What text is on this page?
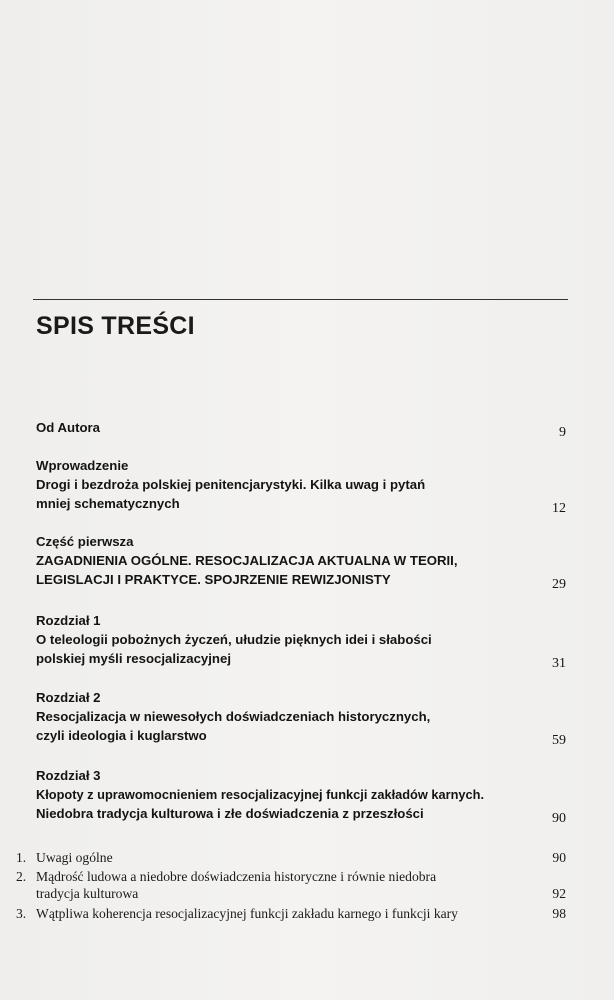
SPIS TREŚCI
Od Autora	9
Wprowadzenie
Drogi i bezdroża polskiej penitencjarystyki. Kilka uwag i pytań
mniej schematycznych	12
Część pierwsza
ZAGADNIENIA OGÓLNE. RESOCJALIZACJA AKTUALNA W TEORII,
LEGISLACJI I PRAKTYCE. SPOJRZENIE REWIZJONISTY	29
Rozdział 1
O teleologii pobożnych życzeń, ułudzie pięknych idei i słabości
polskiej myśli resocjalizacyjnej	31
Rozdział 2
Resocjalizacja w niewesołych doświadczeniach historycznych,
czyli ideologia i kuglarstwo	59
Rozdział 3
Kłopoty z uprawomocnieniem resocjalizacyjnej funkcji zakładów karnych.
Niedobra tradycja kulturowa i złe doświadczenia z przeszłości	90
1. Uwagi ogólne	90
2. Mądrość ludowa a niedobre doświadczenia historyczne i równie niedobra
tradycja kulturowa	92
3. Wątpliwa koherencja resocjalizacyjnej funkcji zakładu karnego i funkcji kary	98
